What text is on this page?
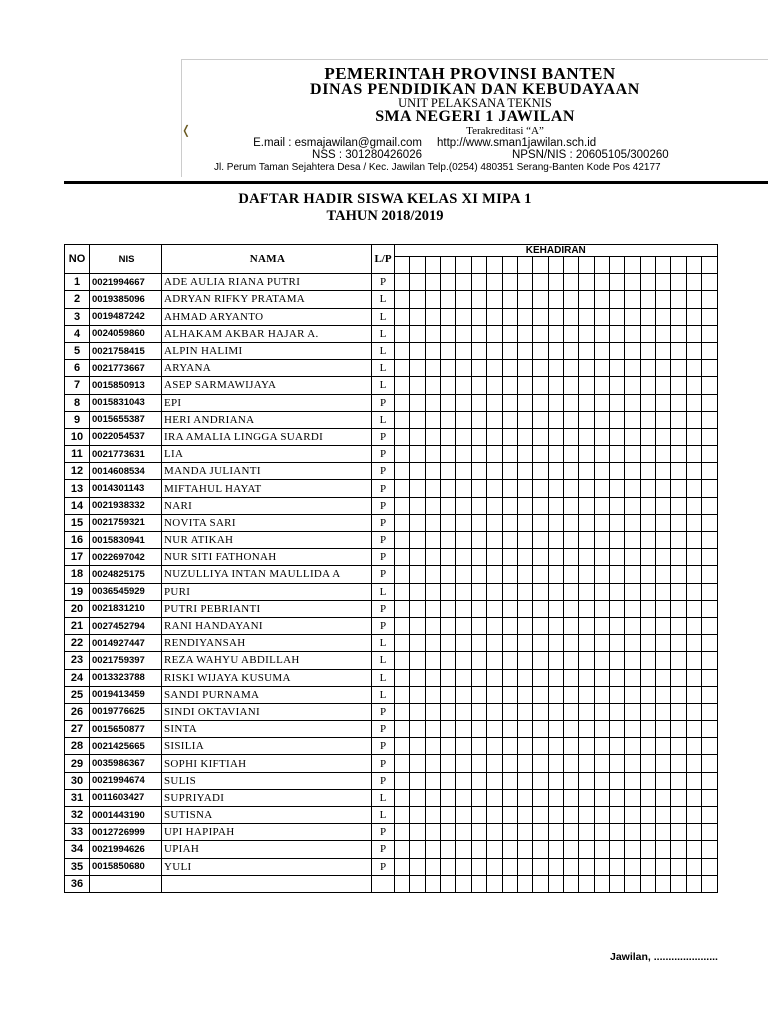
PEMERINTAH PROVINSI BANTEN
DINAS PENDIDIKAN DAN KEBUDAYAAN
UNIT PELAKSANA TEKNIS
SMA NEGERI 1 JAWILAN
Terakreditasi “A”
E.mail : esmajawilan@gmail.com http://www.sman1jawilan.sch.id
NSS : 301280426026	NPSN/NIS : 20605105/300260
Jl. Perum Taman Sejahtera Desa / Kec. Jawilan Telp.(0254) 480351 Serang-Banten Kode Pos 42177
❬
DAFTAR HADIR SISWA KELAS XI MIPA 1
TAHUN 2018/2019
NO	NIS	NAMA	L/P	KEHADIRAN																				

1	0021994667	ADE AULIA RIANA PUTRI	P																					
2	0019385096	ADRYAN RIFKY PRATAMA	L																					
3	0019487242	AHMAD ARYANTO	L																					
4	0024059860	ALHAKAM AKBAR HAJAR A.	L																					
5	0021758415	ALPIN HALIMI	L																					
6	0021773667	ARYANA	L																					
7	0015850913	ASEP SARMAWIJAYA	L																					
8	0015831043	EPI	P																					
9	0015655387	HERI ANDRIANA	L																					
10	0022054537	IRA AMALIA LINGGA SUARDI	P																					
11	0021773631	LIA	P																					
12	0014608534	MANDA JULIANTI	P																					
13	0014301143	MIFTAHUL HAYAT	P																					
14	0021938332	NARI	P																					
15	0021759321	NOVITA SARI	P																					
16	0015830941	NUR ATIKAH	P																					
17	0022697042	NUR SITI FATHONAH	P																					
18	0024825175	NUZULLIYA INTAN MAULLIDA A	P																					
19	0036545929	PURI	L																					
20	0021831210	PUTRI PEBRIANTI	P																					
21	0027452794	RANI HANDAYANI	P																					
22	0014927447	RENDIYANSAH	L																					
23	0021759397	REZA WAHYU ABDILLAH	L																					
24	0013323788	RISKI WIJAYA KUSUMA	L																					
25	0019413459	SANDI PURNAMA	L																					
26	0019776625	SINDI OKTAVIANI	P																					
27	0015650877	SINTA	P																					
28	0021425665	SISILIA	P																					
29	0035986367	SOPHI KIFTIAH	P																					
30	0021994674	SULIS	P																					
31	0011603427	SUPRIYADI	L																					
32	0001443190	SUTISNA	L																					
33	0012726999	UPI HAPIPAH	P																					
34	0021994626	UPIAH	P																					
35	0015850680	YULI	P																					
36																								
Jawilan, ......................
